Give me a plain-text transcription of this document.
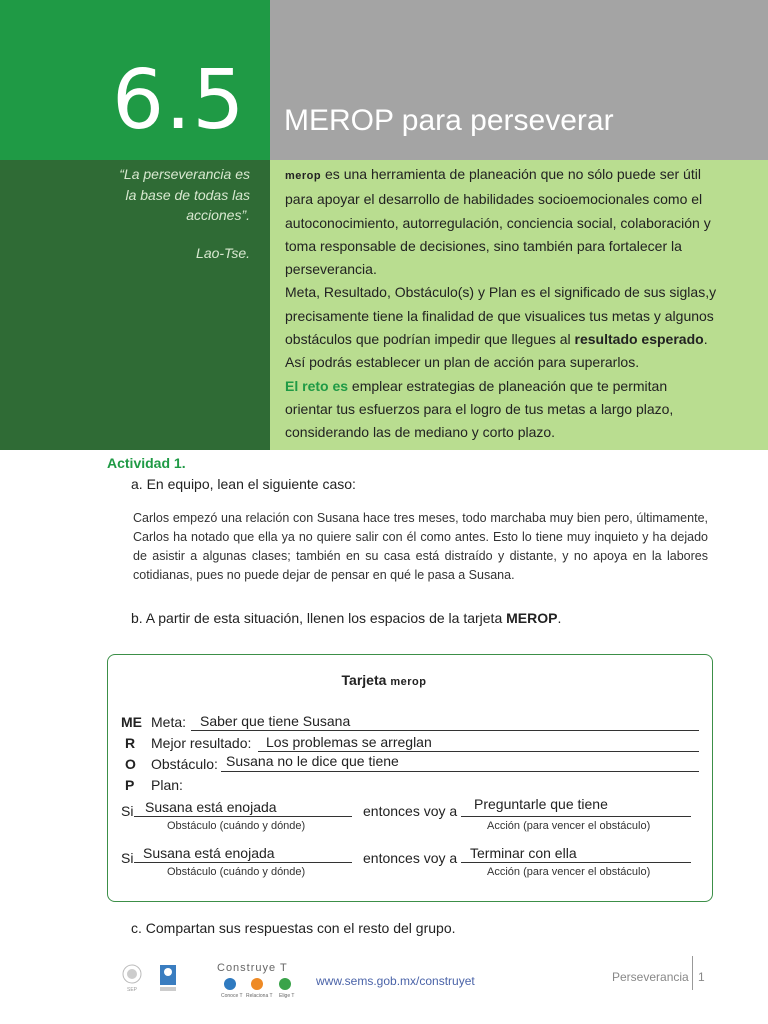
6.5 MEROP para perseverar
“La perseverancia es la base de todas las acciones”.
Lao-Tse.
merop es una herramienta de planeación que no sólo puede ser útil para apoyar el desarrollo de habilidades socioemocionales como el autoconocimiento, autorregulación, conciencia social, colaboración y toma responsable de decisiones, sino también para fortalecer la perseverancia.
Meta, Resultado, Obstáculo(s) y Plan es el significado de sus siglas,y precisamente tiene la finalidad de que visualices tus metas y algunos obstáculos que podrían impedir que llegues al resultado esperado.
Así podrás establecer un plan de acción para superarlos.
El reto es emplear estrategias de planeación que te permitan orientar tus esfuerzos para el logro de tus metas a largo plazo, considerando las de mediano y corto plazo.
Actividad 1.
a. En equipo, lean el siguiente caso:
Carlos empezó una relación con Susana hace tres meses, todo marchaba muy bien pero, últimamente, Carlos ha notado que ella ya no quiere salir con él como antes. Esto lo tiene muy inquieto y ha dejado de asistir a algunas clases; también en su casa está distraído y distante, y no apoya en la labores cotidianas, pues no puede dejar de pensar en qué le pasa a Susana.
b. A partir de esta situación, llenen los espacios de la tarjeta MEROP.
Tarjeta merop
ME
R
O
P
Meta: Saber que tiene Susana
Mejor resultado: Los problemas se arreglan
Obstáculo: Susana no le dice que tiene
Plan:
Si Susana está enojada
Obstáculo (cuándo y dónde)
entonces voy a Preguntarle que tiene
Acción (para vencer el obstáculo)
Si Susana está enojada
Obstáculo (cuándo y dónde)
entonces voy a Terminar con ella
Acción (para vencer el obstáculo)
c. Compartan sus respuestas con el resto del grupo.
SEP
Construye T
Conoce T Relaciona T Elige T
www.sems.gob.mx/construyet	Perseverancia 1
